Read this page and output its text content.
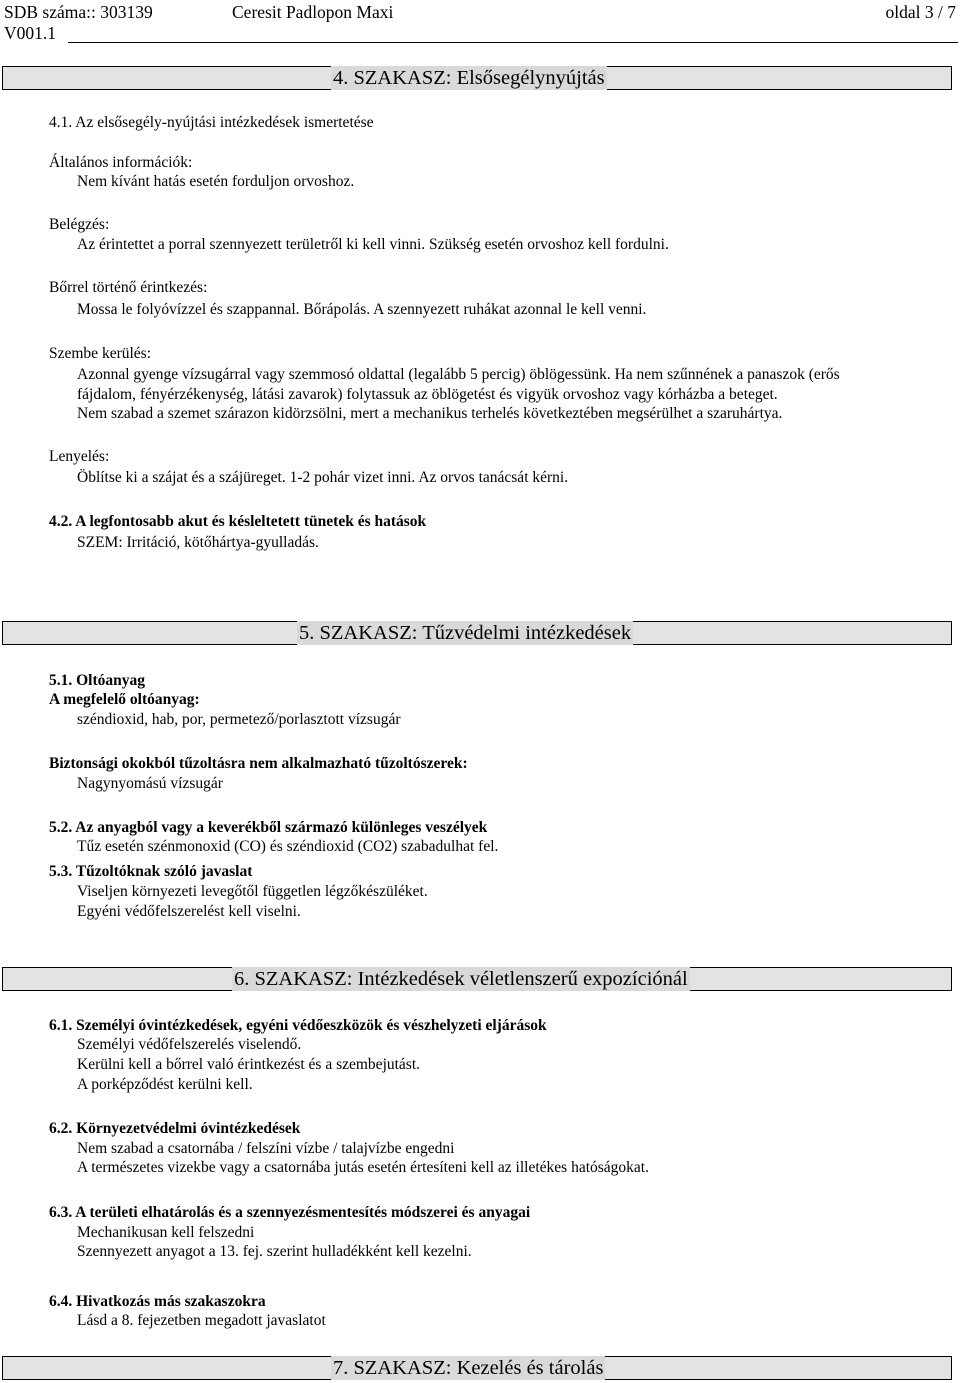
SDB száma:: 303139	Ceresit Padlopon Maxi	oldal 3 / 7
V001.1
4. SZAKASZ: Elsősegélynyújtás
4.1. Az elsősegély-nyújtási intézkedések ismertetése
Általános információk:
Nem kívánt hatás esetén forduljon orvoshoz.
Belégzés:
Az érintettet a porral szennyezett területről ki kell vinni. Szükség esetén orvoshoz kell fordulni.
Bőrrel történő érintkezés:
Mossa le folyóvízzel és szappannal. Bőrápolás. A szennyezett ruhákat azonnal le kell venni.
Szembe kerülés:
Azonnal gyenge vízsugárral vagy szemmosó oldattal (legalább 5 percig) öblögessünk. Ha nem szűnnének a panaszok (erős
fájdalom, fényérzékenység, látási zavarok) folytassuk az öblögetést és vigyük orvoshoz vagy kórházba a beteget.
Nem szabad a szemet szárazon kidörzsölni, mert a mechanikus terhelés következtében megsérülhet a szaruhártya.
Lenyelés:
Öblítse ki a szájat és a szájüreget. 1-2 pohár vizet inni. Az orvos tanácsát kérni.
4.2. A legfontosabb akut és késleltetett tünetek és hatások
SZEM: Irritáció, kötőhártya-gyulladás.
5. SZAKASZ: Tűzvédelmi intézkedések
5.1. Oltóanyag
A megfelelő oltóanyag:
széndioxid, hab, por, permetező/porlasztott vízsugár
Biztonsági okokból tűzoltásra nem alkalmazható tűzoltószerek:
Nagynyomású vízsugár
5.2. Az anyagból vagy a keverékből származó különleges veszélyek
Tűz esetén szénmonoxid (CO) és széndioxid (CO2) szabadulhat fel.
5.3. Tűzoltóknak szóló javaslat
Viseljen környezeti levegőtől független légzőkészüléket.
Egyéni védőfelszerelést kell viselni.
6. SZAKASZ: Intézkedések véletlenszerű expozíciónál
6.1. Személyi óvintézkedések, egyéni védőeszközök és vészhelyzeti eljárások
Személyi védőfelszerelés viselendő.
Kerülni kell a bőrrel való érintkezést és a szembejutást.
A porképződést kerülni kell.
6.2. Környezetvédelmi óvintézkedések
Nem szabad a csatornába / felszíni vízbe / talajvízbe engedni
A természetes vizekbe vagy a csatornába jutás esetén értesíteni kell az illetékes hatóságokat.
6.3. A területi elhatárolás és a szennyezésmentesítés módszerei és anyagai
Mechanikusan kell felszedni
Szennyezett anyagot a 13. fej. szerint hulladékként kell kezelni.
6.4. Hivatkozás más szakaszokra
Lásd a 8. fejezetben megadott javaslatot
7. SZAKASZ: Kezelés és tárolás
